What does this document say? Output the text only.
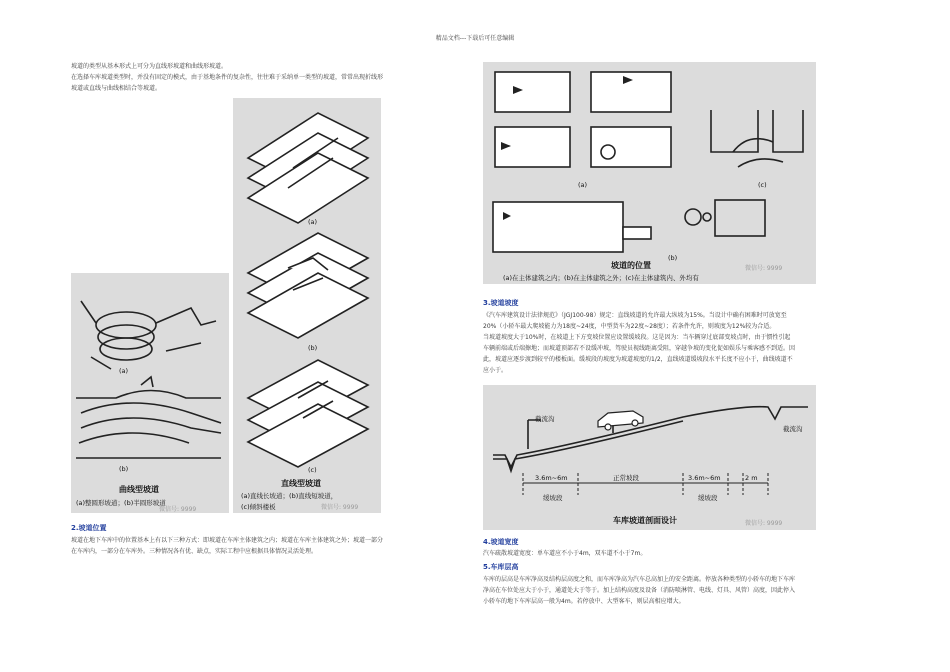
精品文档---下载后可任意编辑
坡道的类型从基本形式上可分为直线形坡道和曲线形坡道。
在选择车库坡道类型时，并没有固定的模式，由于基地条件的复杂性，往往难于采纳单一类型的坡道，常常出现折线形
坡道或直线与曲线相结合等坡道。
(a)
(b)
曲线型坡道
(a)整圆形坡道；(b)半圆形坡道
微信号: 9999
(a)
(b)
(c)
直线型坡道
(a)直线长坡道；(b)直线短坡道，
(c)倾斜楼板	微信号: 9999
2.坡道位置
坡道在地下车库中的位置基本上有以下三种方式：即坡道在车库主体建筑之内；坡道在车库主体建筑之外；坡道一部分
在车库内，一部分在车库外。三种情况各有优、缺点，实际工程中应根据具体情况灵活处理。
(a)	(c)
(b)
坡道的位置
(a)在主体建筑之内；(b)在主体建筑之外；(c)在主体建筑内、外均有
微信号: 9999
3.坡道坡度
《汽车库建筑设计法律规范》（JGJ100-98）规定：直线坡道的允许最大纵坡为15%。当设计中确有困难时可放宽至
20%（小轿车最大爬坡能力为18度~24度，中型货车为22度~28度）；若条件允许，则坡度为12%较为合适。
当坡道坡度大于10%时，在坡道上下方变坡位置应设置缓坡段。这是因为：当车辆穿过底部变坡点时，由于惯性引起
车辆前端或后端擦地；而坡道顶部若不设缓冲坡，驾驶员视线距离受阻，穿越争坡的变化促如娱乐与乘客感不到适。因
此，坡道应逐步渡到较平的楼板面。缓坡段的坡度为坡道坡度的1/2，直线坡道缓坡段水平长度不应小于，曲线坡道不
应小于。
截流沟
截流沟
3.6m~6m	正常坡段	3.6m~6m	2 m
缓坡段	缓坡段
车库坡道剖面设计	微信号: 9999
4.坡道宽度
汽车疏散坡道宽度：单车道应不小于4m，双车道不小于7m。
5.车库层高
车库的层高是车库净高及结构层高度之和，而车库净高为汽车总高加上的安全距离。停放各种类型的小轿车的地下车库
净高在车位处应大于小于，通道处大于等于。加上结构高度及设备（消防喷淋管、电线、灯具、风管）高度，因此停入
小轿车的地下车库层高一般为4m。若停放中、大型客车，则层高相应增大。
